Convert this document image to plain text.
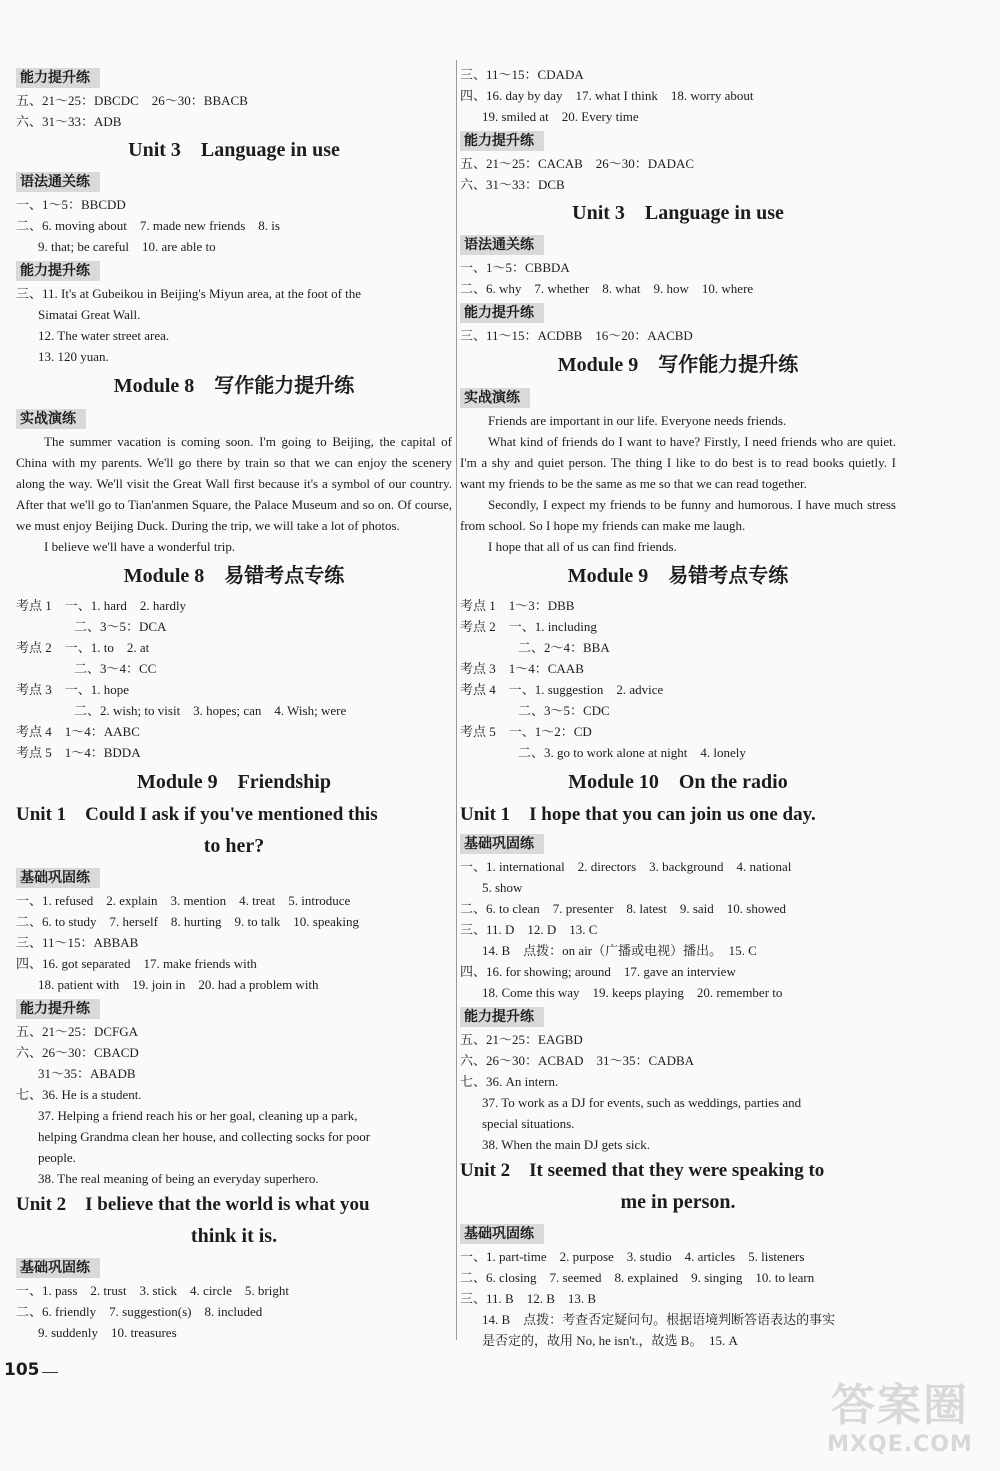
能力提升练
五、21～25：DBCDC　26～30：BBACB
六、31～33：ADB
Unit 3　Language in use
语法通关练
一、1～5：BBCDD
二、6. moving about　7. made new friends　8. is
9. that; be careful　10. are able to
能力提升练
三、11. It's at Gubeikou in Beijing's Miyun area, at the foot of the
Simatai Great Wall.
12. The water street area.
13. 120 yuan.
Module 8　写作能力提升练
实战演练
The summer vacation is coming soon. I'm going to Beijing, the capital of China with my parents. We'll go there by train so that we can enjoy the scenery along the way. We'll visit the Great Wall first because it's a symbol of our country. After that we'll go to Tian'anmen Square, the Palace Museum and so on. Of course, we must enjoy Beijing Duck. During the trip, we will take a lot of photos.
I believe we'll have a wonderful trip.
Module 8　易错考点专练
考点 1　一、1. hard　2. hardly
二、3～5：DCA
考点 2　一、1. to　2. at
二、3～4：CC
考点 3　一、1. hope
二、2. wish; to visit　3. hopes; can　4. Wish; were
考点 4　1～4：AABC
考点 5　1～4：BDDA
Module 9　Friendship
Unit 1　Could I ask if you've mentioned this
to her?
基础巩固练
一、1. refused　2. explain　3. mention　4. treat　5. introduce
二、6. to study　7. herself　8. hurting　9. to talk　10. speaking
三、11～15：ABBAB
四、16. got separated　17. make friends with
18. patient with　19. join in　20. had a problem with
能力提升练
五、21～25：DCFGA
六、26～30：CBACD
31～35：ABADB
七、36. He is a student.
37. Helping a friend reach his or her goal, cleaning up a park,
helping Grandma clean her house, and collecting socks for poor
people.
38. The real meaning of being an everyday superhero.
Unit 2　I believe that the world is what you
think it is.
基础巩固练
一、1. pass　2. trust　3. stick　4. circle　5. bright
二、6. friendly　7. suggestion(s)　8. included
9. suddenly　10. treasures
三、11～15：CDADA
四、16. day by day　17. what I think　18. worry about
19. smiled at　20. Every time
能力提升练
五、21～25：CACAB　26～30：DADAC
六、31～33：DCB
Unit 3　Language in use
语法通关练
一、1～5：CBBDA
二、6. why　7. whether　8. what　9. how　10. where
能力提升练
三、11～15：ACDBB　16～20：AACBD
Module 9　写作能力提升练
实战演练
Friends are important in our life. Everyone needs friends.
What kind of friends do I want to have? Firstly, I need friends who are quiet. I'm a shy and quiet person. The thing I like to do best is to read books quietly. I want my friends to be the same as me so that we can read together.
Secondly, I expect my friends to be funny and humorous. I have much stress from school. So I hope my friends can make me laugh.
I hope that all of us can find friends.
Module 9　易错考点专练
考点 1　1～3：DBB
考点 2　一、1. including
二、2～4：BBA
考点 3　1～4：CAAB
考点 4　一、1. suggestion　2. advice
二、3～5：CDC
考点 5　一、1～2：CD
二、3. go to work alone at night　4. lonely
Module 10　On the radio
Unit 1　I hope that you can join us one day.
基础巩固练
一、1. international　2. directors　3. background　4. national
5. show
二、6. to clean　7. presenter　8. latest　9. said　10. showed
三、11. D　12. D　13. C
14. B　点拨：on air（广播或电视）播出。　15. C
四、16. for showing; around　17. gave an interview
18. Come this way　19. keeps playing　20. remember to
能力提升练
五、21～25：EAGBD
六、26～30：ACBAD　31～35：CADBA
七、36. An intern.
37. To work as a DJ for events, such as weddings, parties and
special situations.
38. When the main DJ gets sick.
Unit 2　It seemed that they were speaking to
me in person.
基础巩固练
一、1. part-time　2. purpose　3. studio　4. articles　5. listeners
二、6. closing　7. seemed　8. explained　9. singing　10. to learn
三、11. B　12. B　13. B
14. B　点拨：考查否定疑问句。根据语境判断答语表达的事实
是否定的，故用 No, he isn't.，故选 B。　15. A
105
答案圈
MXQE.COM
